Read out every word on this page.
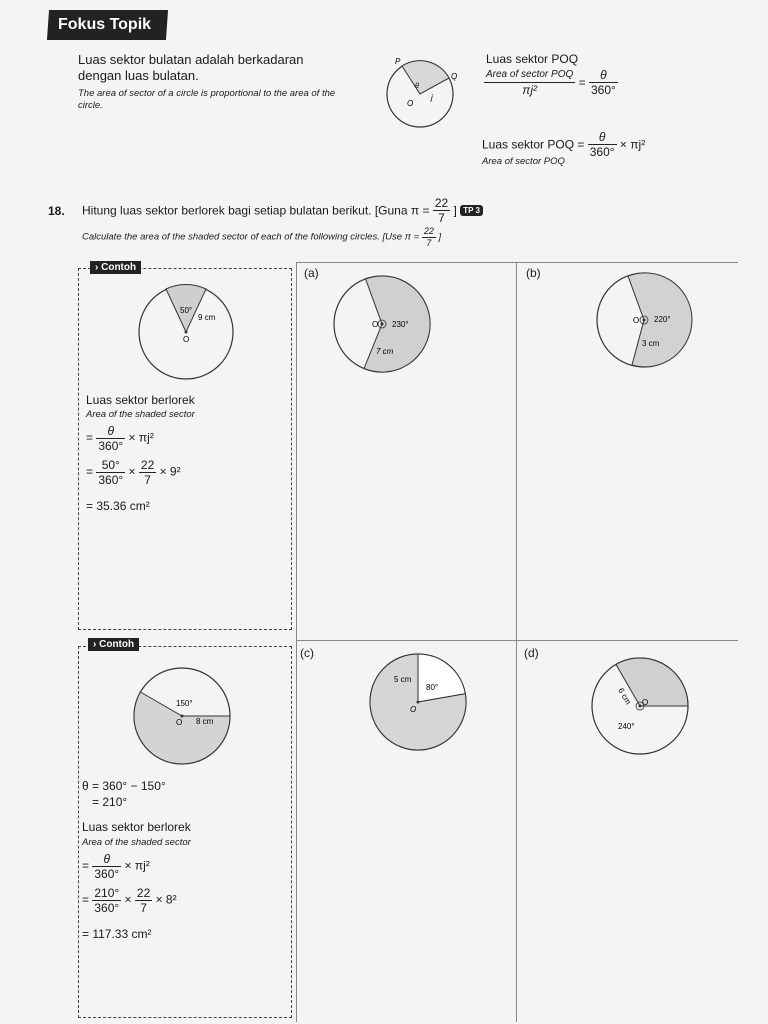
Fokus Topik
Luas sektor bulatan adalah berkadaran dengan luas bulatan.
The area of sector of a circle is proportional to the area of the circle.
P
Q
O
θ
j
Luas sektor POQ
$\frac{\text{Area of sector POQ}}{\text{πj²}} = \frac{\theta}{360^\circ}$
Luas sektor POQ = $\frac{\theta}{360^\circ} \times \pi j^2$
Area of sector POQ
18. Hitung luas sektor berlorek bagi setiap bulatan berikut. [Guna $\pi = \frac{22}{7}$ ] TP 3
Calculate the area of the shaded sector of each of the following circles. [Use $\pi = \frac{22}{7}$ ]
› Contoh
50°
9 cm
O
Luas sektor berlorek
Area of the shaded sector
= $\frac{\theta}{360^\circ} \times \pi j^2$
= $\frac{50^\circ}{360^\circ} \times \frac{22}{7} \times 9^2$
= 35.36 cm²
› Contoh
150°
8 cm
O
θ = 360° − 150°
= 210°
Luas sektor berlorek
Area of the shaded sector
= $\frac{\theta}{360^\circ} \times \pi j^2$
= $\frac{210^\circ}{360^\circ} \times \frac{22}{7} \times 8^2$
= 117.33 cm²
(a)
O 230°
7 cm
(b)
O 220°
3 cm
(c)
5 cm
80°
O
(d)
6 cm O
240°
